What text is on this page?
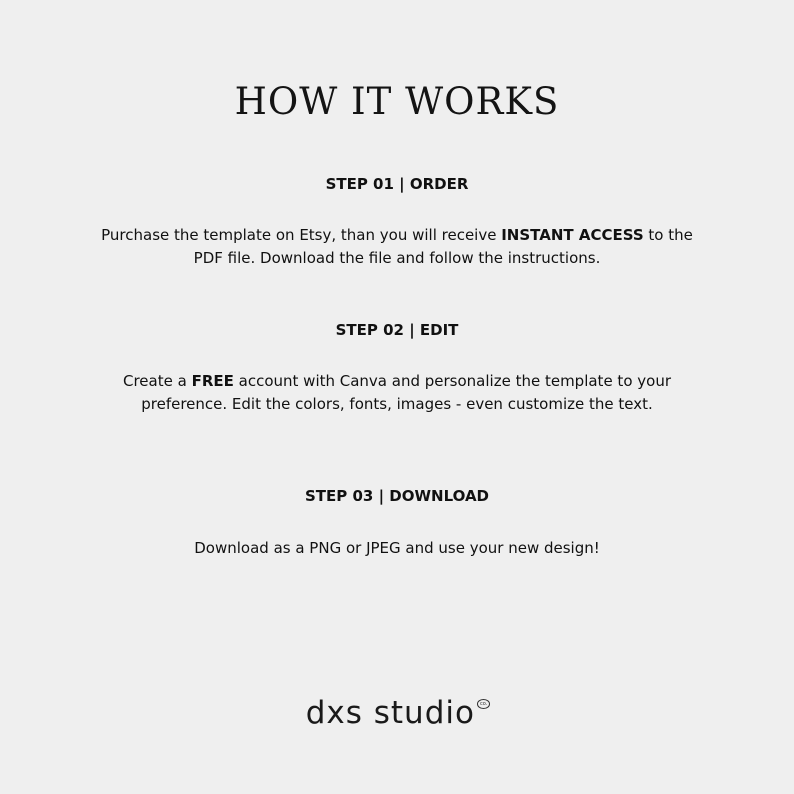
HOW IT WORKS
STEP 01 | ORDER

Purchase the template on Etsy, than you will receive INSTANT ACCESS to the PDF file. Download the file and follow the instructions.

STEP 02 | EDIT

Create a FREE account with Canva and personalize the template to your preference. Edit the colors, fonts, images - even customize the text.

STEP 03 | DOWNLOAD

Download as a PNG or JPEG and use your new design!

dxs studio $^{co.}$
